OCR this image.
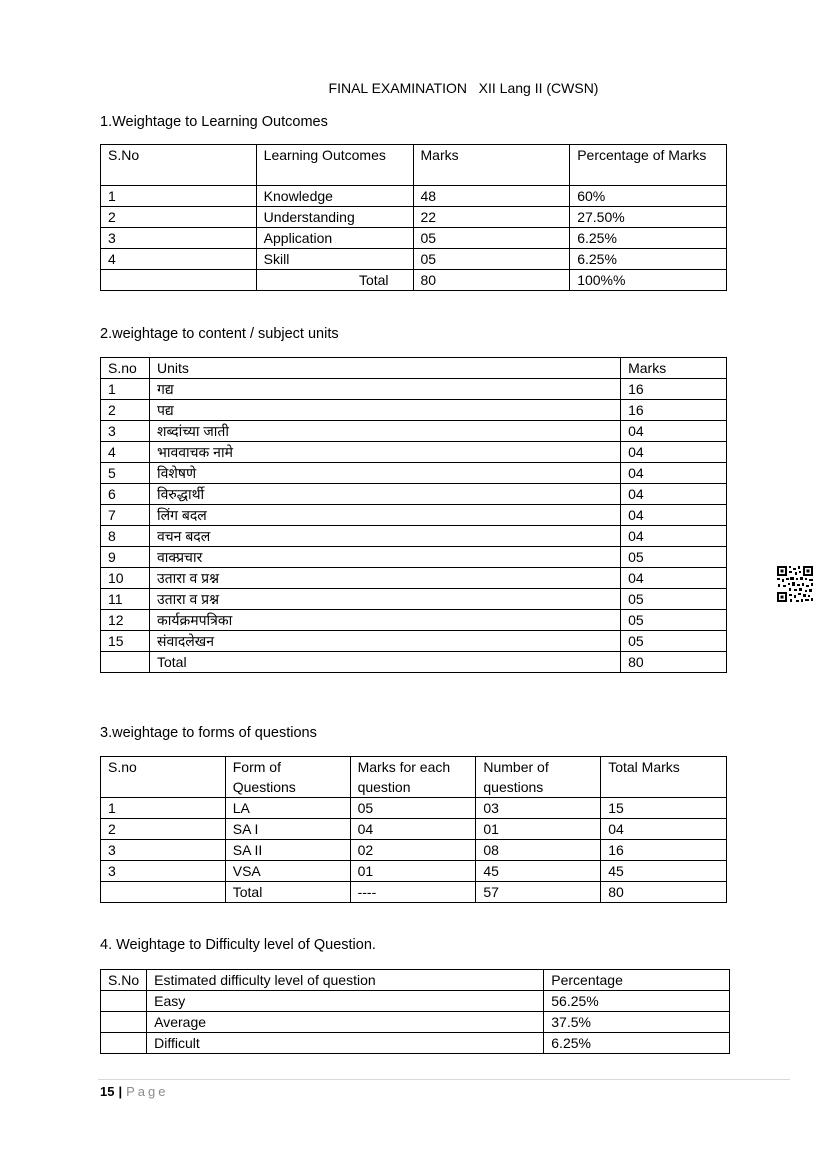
FINAL EXAMINATION   XII Lang II (CWSN)
1.Weightage to Learning Outcomes
S.No	Learning Outcomes	Marks	Percentage of Marks
1	Knowledge	48	60%
2	Understanding	22	27.50%
3	Application	05	6.25%
4	Skill	05	6.25%
	Total	80	100%%
2.weightage to content / subject units
S.no	Units	Marks
1	गद्य	16
2	पद्य	16
3	शब्दांच्या जाती	04
4	भाववाचक नामे	04
5	विशेषणे	04
6	विरुद्धार्थी	04
7	लिंग बदल	04
8	वचन बदल	04
9	वाक्प्रचार	05
10	उतारा व प्रश्न	04
11	उतारा व प्रश्न	05
12	कार्यक्रमपत्रिका	05
15	संवादलेखन	05
	Total	80
3.weightage to forms of questions
S.no	Form of Questions	Marks for each question	Number of questions	Total Marks
1	LA	05	03	15
2	SA I	04	01	04
3	SA II	02	08	16
3	VSA	01	45	45
	Total	----	57	80
4. Weightage to Difficulty level of Question.
S.No	Estimated difficulty level of question	Percentage
	Easy	56.25%
	Average	37.5%
	Difficult	6.25%
15 | Page
